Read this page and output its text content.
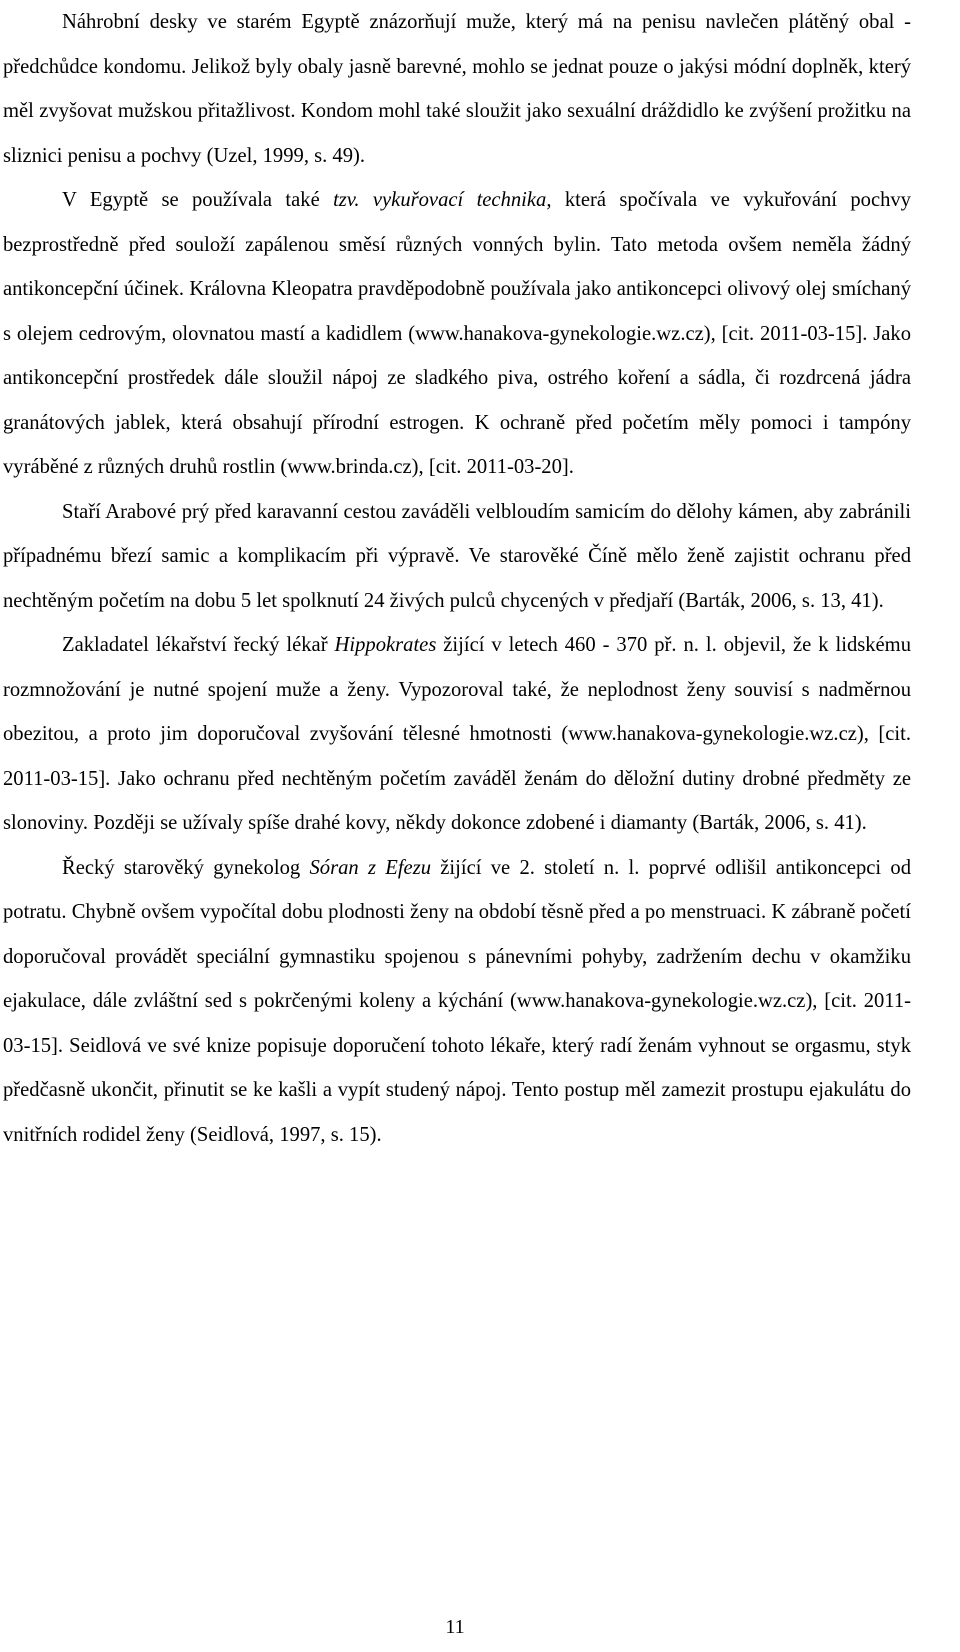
Náhrobní desky ve starém Egyptě znázorňují muže, který má na penisu navlečen plátěný obal - předchůdce kondomu. Jelikož byly obaly jasně barevné, mohlo se jednat pouze o jakýsi módní doplněk, který měl zvyšovat mužskou přitažlivost. Kondom mohl také sloužit jako sexuální dráždidlo ke zvýšení prožitku na sliznici penisu a pochvy (Uzel, 1999, s. 49).

V Egyptě se používala také tzv. vykuřovací technika, která spočívala ve vykuřování pochvy bezprostředně před souloží zapálenou směsí různých vonných bylin. Tato metoda ovšem neměla žádný antikoncepční účinek. Královna Kleopatra pravděpodobně používala jako antikoncepci olivový olej smíchaný s olejem cedrovým, olovnatou mastí a kadidlem (www.hanakova-gynekologie.wz.cz), [cit. 2011-03-15]. Jako antikoncepční prostředek dále sloužil nápoj ze sladkého piva, ostrého koření a sádla, či rozdrcená jádra granátových jablek, která obsahují přírodní estrogen. K ochraně před početím měly pomoci i tampóny vyráběné z různých druhů rostlin (www.brinda.cz), [cit. 2011-03-20].

Staří Arabové prý před karavanní cestou zaváděli velbloudím samicím do dělohy kámen, aby zabránili případnému březí samic a komplikacím při výpravě. Ve starověké Číně mělo ženě zajistit ochranu před nechtěným početím na dobu 5 let spolknutí 24 živých pulců chycených v předjaří (Barták, 2006, s. 13, 41).

Zakladatel lékařství řecký lékař Hippokrates žijící v letech 460 - 370 př. n. l. objevil, že k lidskému rozmnožování je nutné spojení muže a ženy. Vypozoroval také, že neplodnost ženy souvisí s nadměrnou obezitou, a proto jim doporučoval zvyšování tělesné hmotnosti (www.hanakova-gynekologie.wz.cz), [cit. 2011-03-15]. Jako ochranu před nechtěným početím zaváděl ženám do děložní dutiny drobné předměty ze slonoviny. Později se užívaly spíše drahé kovy, někdy dokonce zdobené i diamanty (Barták, 2006, s. 41).

Řecký starověký gynekolog Sóran z Efezu žijící ve 2. století n. l. poprvé odlišil antikoncepci od potratu. Chybně ovšem vypočítal dobu plodnosti ženy na období těsně před a po menstruaci. K zábraně početí doporučoval provádět speciální gymnastiku spojenou s pánevními pohyby, zadržením dechu v okamžiku ejakulace, dále zvláštní sed s pokrčenými koleny a kýchání (www.hanakova-gynekologie.wz.cz), [cit. 2011-03-15]. Seidlová ve své knize popisuje doporučení tohoto lékaře, který radí ženám vyhnout se orgasmu, styk předčasně ukončit, přinutit se ke kašli a vypít studený nápoj. Tento postup měl zamezit prostupu ejakulátu do vnitřních rodidel ženy (Seidlová, 1997, s. 15).

11
